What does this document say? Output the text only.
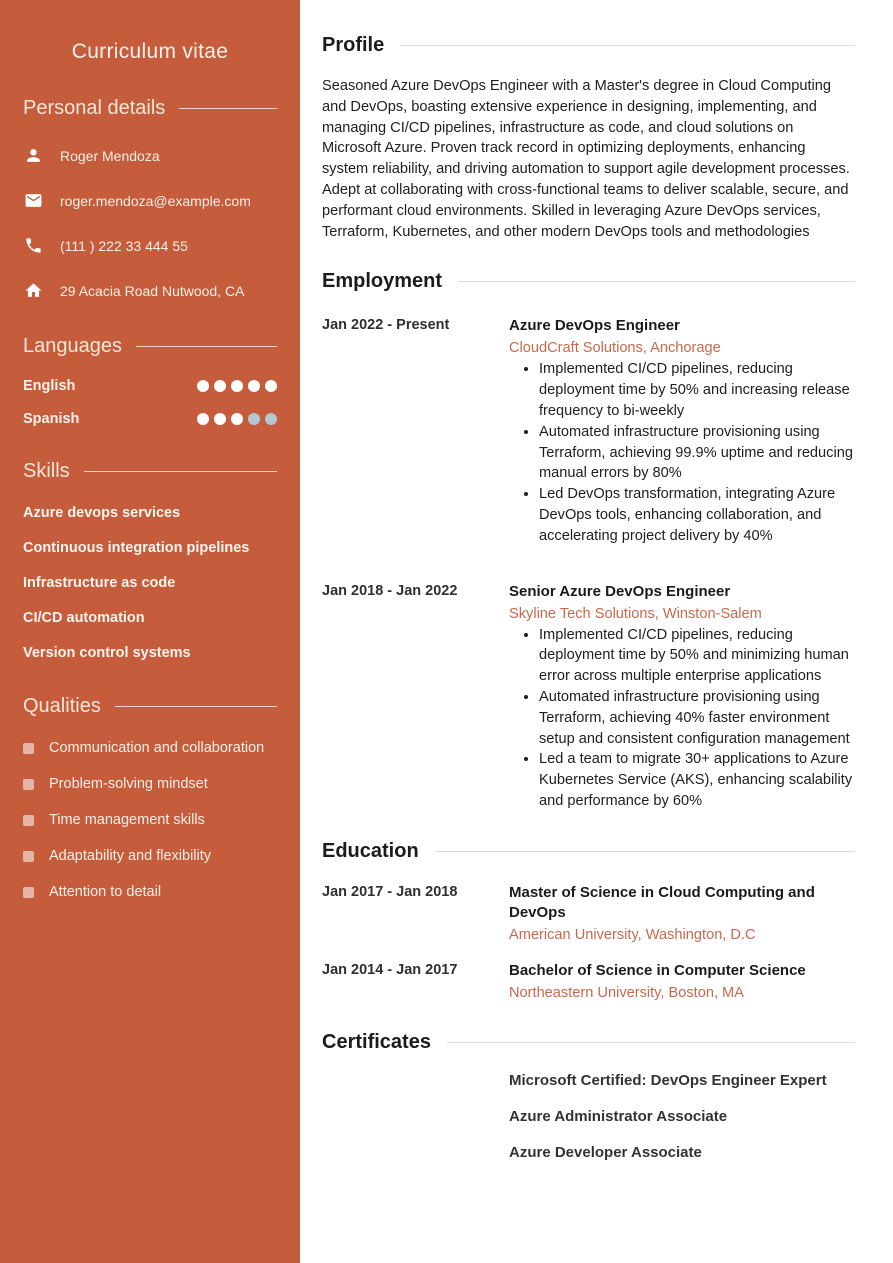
Curriculum vitae
Personal details
Roger Mendoza
roger.mendoza@example.com
(111 ) 222 33 444 55
29 Acacia Road Nutwood, CA
Languages
English
Spanish
Skills
Azure devops services
Continuous integration pipelines
Infrastructure as code
CI/CD automation
Version control systems
Qualities
Communication and collaboration
Problem-solving mindset
Time management skills
Adaptability and flexibility
Attention to detail
Profile

Seasoned Azure DevOps Engineer with a Master's degree in Cloud Computing and DevOps, boasting extensive experience in designing, implementing, and managing CI/CD pipelines, infrastructure as code, and cloud solutions on Microsoft Azure. Proven track record in optimizing deployments, enhancing system reliability, and driving automation to support agile development processes. Adept at collaborating with cross-functional teams to deliver scalable, secure, and performant cloud environments. Skilled in leveraging Azure DevOps services, Terraform, Kubernetes, and other modern DevOps tools and methodologies

Employment
Jan 2022 - Present	Azure DevOps Engineer
CloudCraft Solutions, Anchorage
• Implemented CI/CD pipelines, reducing deployment time by 50% and increasing release frequency to bi-weekly
• Automated infrastructure provisioning using Terraform, achieving 99.9% uptime and reducing manual errors by 80%
• Led DevOps transformation, integrating Azure DevOps tools, enhancing collaboration, and accelerating project delivery by 40%
Jan 2018 - Jan 2022	Senior Azure DevOps Engineer
Skyline Tech Solutions, Winston-Salem
• Implemented CI/CD pipelines, reducing deployment time by 50% and minimizing human error across multiple enterprise applications
• Automated infrastructure provisioning using Terraform, achieving 40% faster environment setup and consistent configuration management
• Led a team to migrate 30+ applications to Azure Kubernetes Service (AKS), enhancing scalability and performance by 60%
Education
Jan 2017 - Jan 2018	Master of Science in Cloud Computing and DevOps
American University, Washington, D.C
Jan 2014 - Jan 2017	Bachelor of Science in Computer Science
Northeastern University, Boston, MA
Certificates
Microsoft Certified: DevOps Engineer Expert
Azure Administrator Associate
Azure Developer Associate
